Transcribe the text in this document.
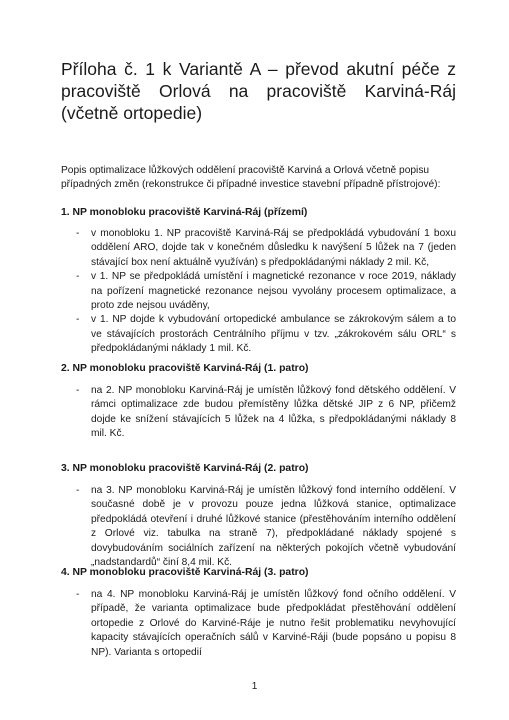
Příloha č. 1 k Variantě A – převod akutní péče z pracoviště Orlová na pracoviště Karviná-Ráj (včetně ortopedie)

Popis optimalizace lůžkových oddělení pracoviště Karviná a Orlová včetně popisu případných změn (rekonstrukce či případné investice stavební případně přístrojové):

1. NP monobloku pracoviště Karviná-Ráj (přízemí)

- v monobloku 1. NP pracoviště Karviná-Ráj se předpokládá vybudování 1 boxu oddělení ARO, dojde tak v konečném důsledku k navýšení 5 lůžek na 7 (jeden stávající box není aktuálně využíván) s předpokládanými náklady 2 mil. Kč,
- v 1. NP se předpokládá umístění i magnetické rezonance v roce 2019, náklady na pořízení magnetické rezonance nejsou vyvolány procesem optimalizace, a proto zde nejsou uváděny,
- v 1. NP dojde k vybudování ortopedické ambulance se zákrokovým sálem a to ve stávajících prostorách Centrálního příjmu v tzv. „zákrokovém sálu ORL“ s předpokládanými náklady 1 mil. Kč.

2. NP monobloku pracoviště Karviná-Ráj (1. patro)

- na 2. NP monobloku Karviná-Ráj je umístěn lůžkový fond dětského oddělení. V rámci optimalizace zde budou přemístěny lůžka dětské JIP z 6 NP, přičemž dojde ke snížení stávajících 5 lůžek na 4 lůžka, s předpokládanými náklady 8 mil. Kč.

3. NP monobloku pracoviště Karviná-Ráj (2. patro)

- na 3. NP monobloku Karviná-Ráj je umístěn lůžkový fond interního oddělení. V současné době je v provozu pouze jedna lůžková stanice, optimalizace předpokládá otevření i druhé lůžkové stanice (přestěhováním interního oddělení z Orlové viz. tabulka na straně 7), předpokládané náklady spojené s dovybudováním sociálních zařízení na některých pokojích včetně vybudování „nadstandardů“ činí 8,4 mil. Kč.

4. NP monobloku pracoviště Karviná-Ráj (3. patro)

- na 4. NP monobloku Karviná-Ráj je umístěn lůžkový fond očního oddělení. V případě, že varianta optimalizace bude předpokládat přestěhování oddělení ortopedie z Orlové do Karviné-Ráje je nutno řešit problematiku nevyhovující kapacity stávajících operačních sálů v Karviné-Ráji (bude popsáno u popisu 8 NP). Varianta s ortopedií
1
